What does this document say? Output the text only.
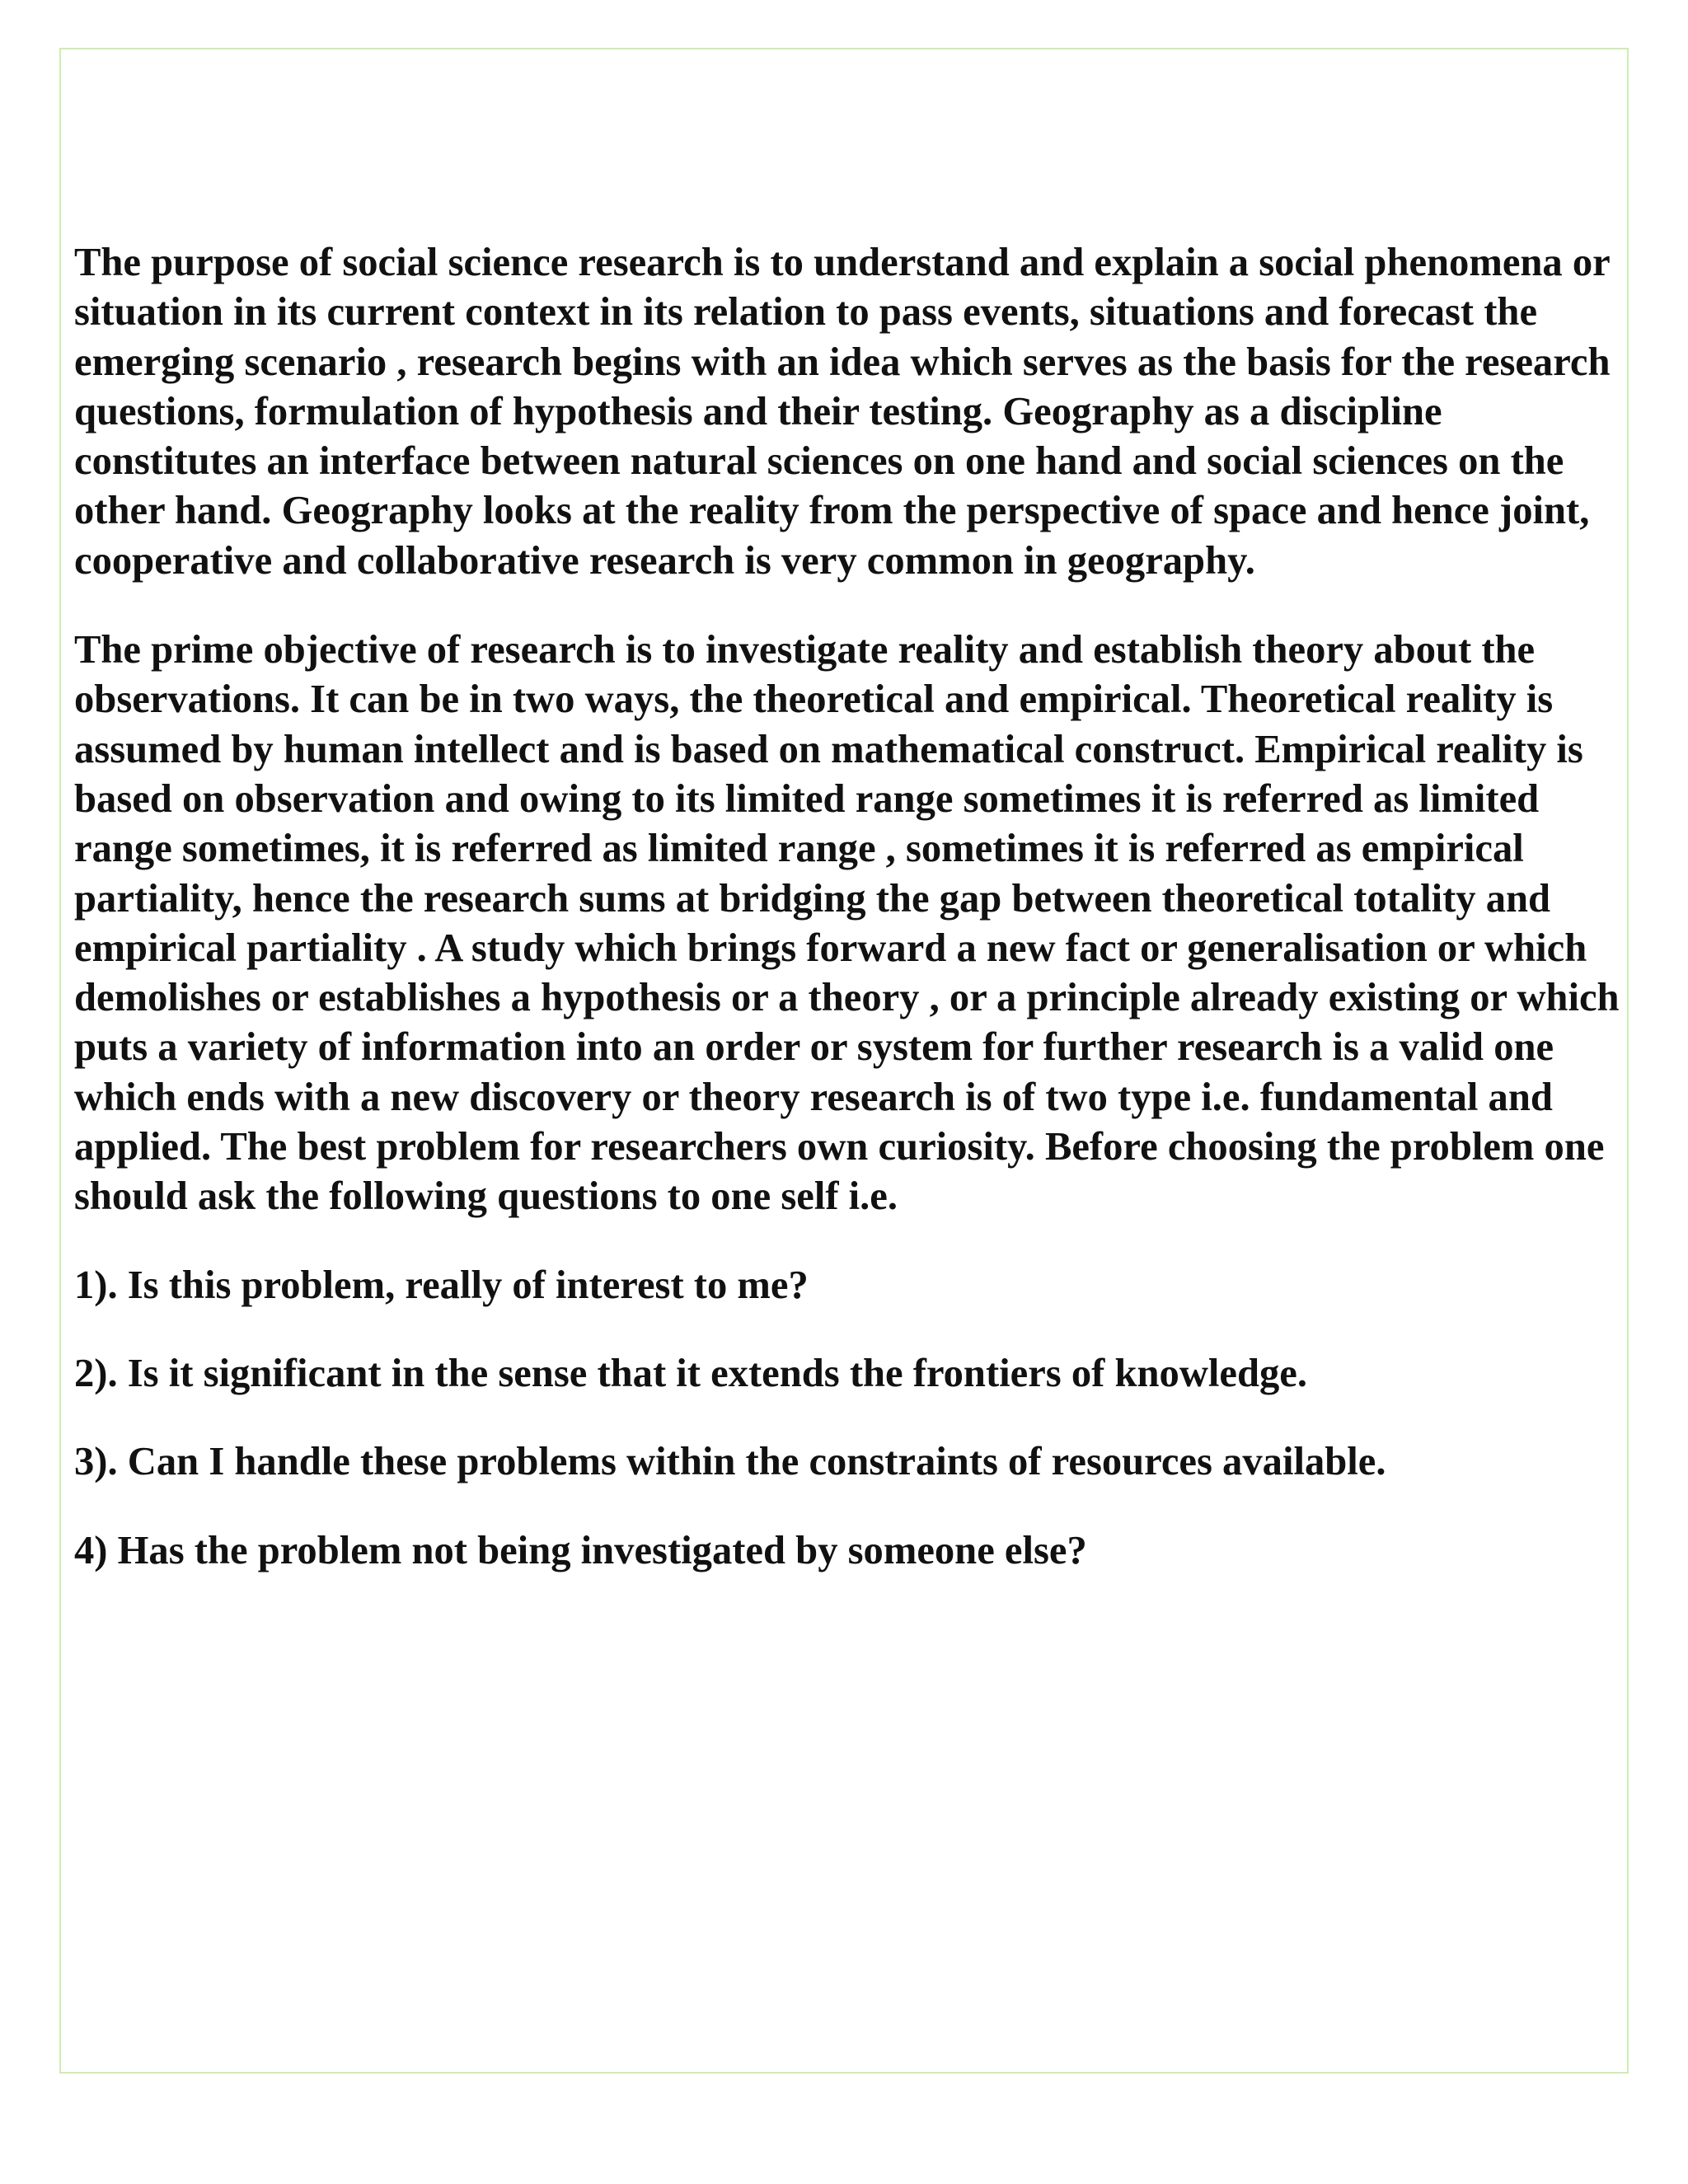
The purpose of social science research is to understand and explain a social phenomena or situation in its current context in its relation to pass events, situations and forecast the emerging scenario , research begins with an idea which serves as the basis for the research questions, formulation of hypothesis and their testing. Geography as a discipline constitutes an interface between natural sciences on one hand and social sciences on the other hand. Geography looks at the reality from the perspective of space and hence joint, cooperative and collaborative research is very common in geography.

The prime objective of research is to investigate reality and establish theory about the observations. It can be in two ways, the theoretical and empirical. Theoretical reality is assumed by human intellect and is based on mathematical construct. Empirical reality is based on observation and owing to its limited range sometimes it is referred as limited range sometimes, it is referred as limited range , sometimes it is referred as empirical partiality, hence the research sums at bridging the gap between theoretical totality and empirical partiality . A study which brings forward a new fact or generalisation or which demolishes or establishes a hypothesis or a theory , or a principle already existing or which puts a variety of information into an order or system for further research is a valid one which ends with a new discovery or theory research is of two type i.e. fundamental and applied. The best problem for researchers own curiosity. Before choosing the problem one should ask the following questions to one self i.e.

1). Is this problem, really of interest to me?

2). Is it significant in the sense that it extends the frontiers of knowledge.

3). Can I handle these problems within the constraints of resources available.

4) Has the problem not being investigated by someone else?
